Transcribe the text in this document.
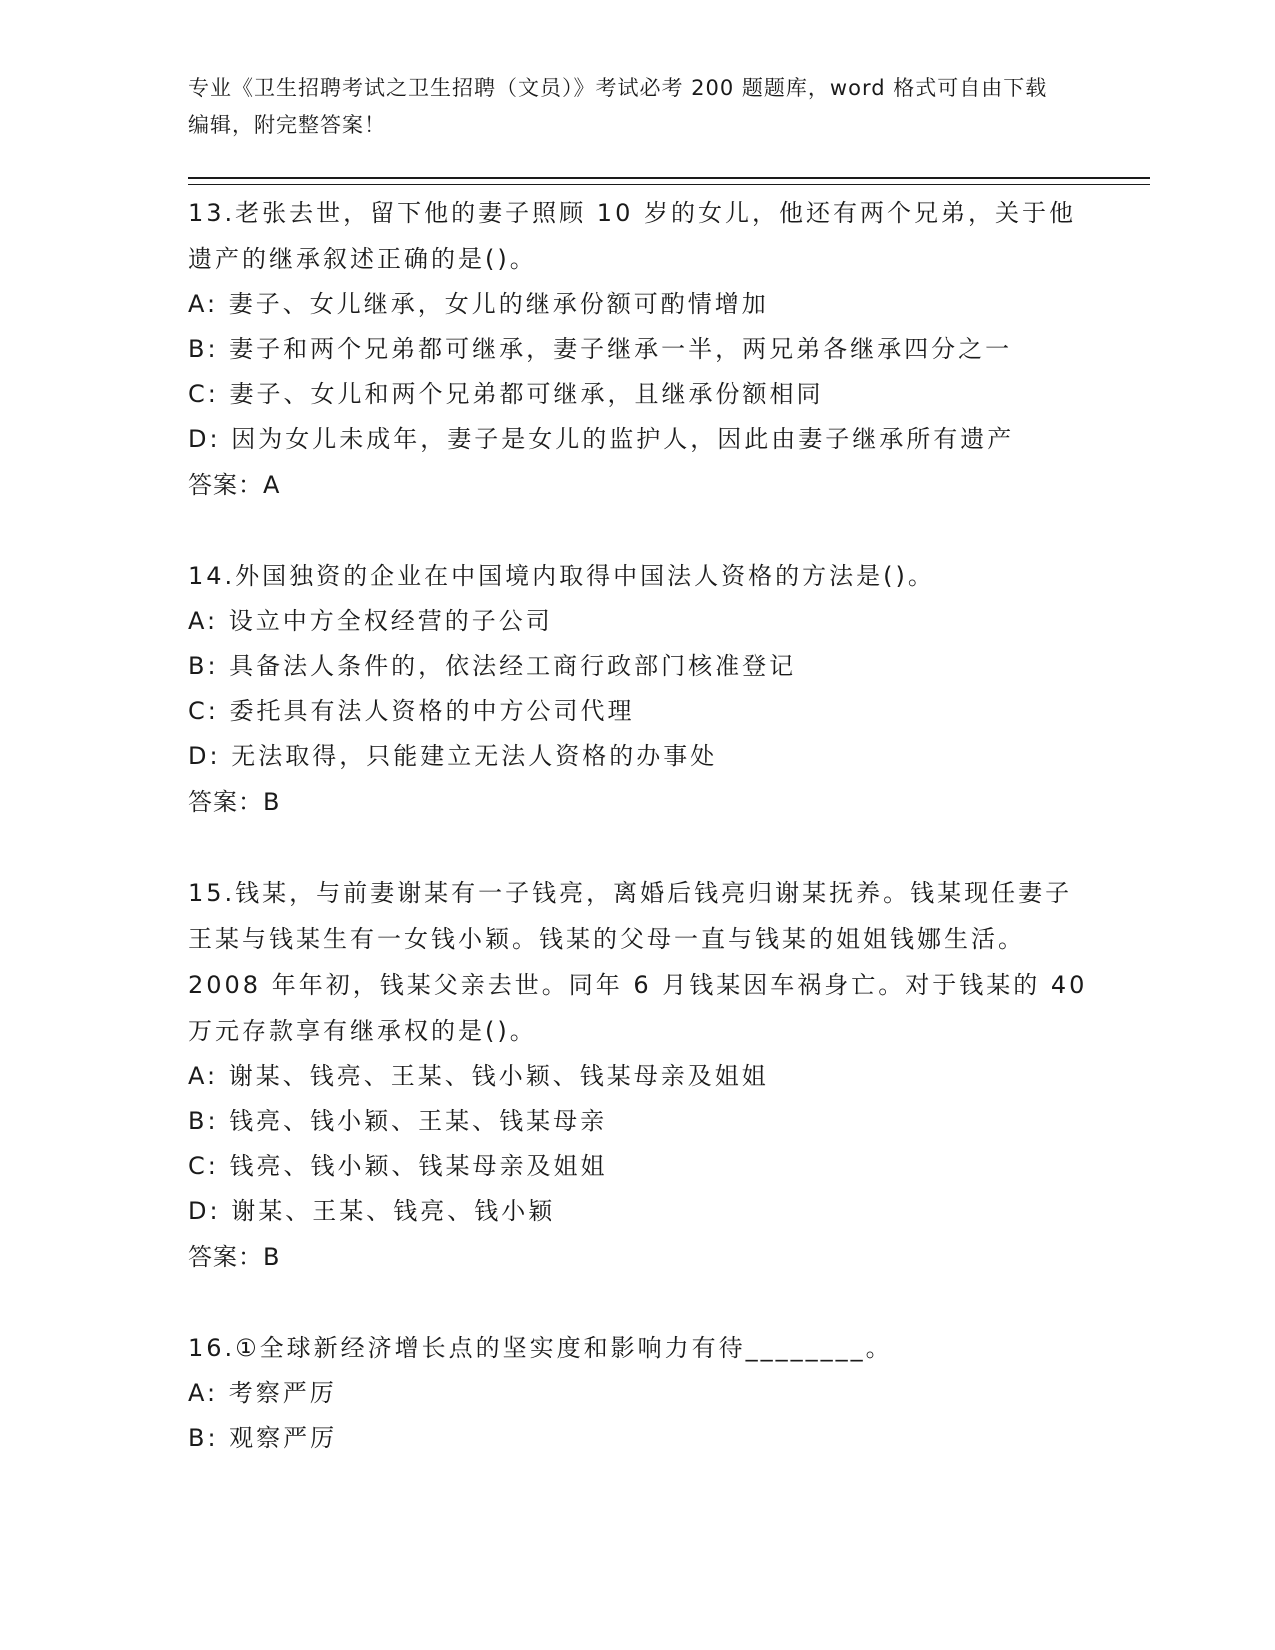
专业《卫生招聘考试之卫生招聘（文员）》考试必考 200 题题库，word 格式可自由下载编辑，附完整答案！

13.老张去世，留下他的妻子照顾 10 岁的女儿，他还有两个兄弟，关于他遗产的继承叙述正确的是()。

A: 妻子、女儿继承，女儿的继承份额可酌情增加

B: 妻子和两个兄弟都可继承，妻子继承一半，两兄弟各继承四分之一

C: 妻子、女儿和两个兄弟都可继承，且继承份额相同

D: 因为女儿未成年，妻子是女儿的监护人，因此由妻子继承所有遗产

答案：A

14.外国独资的企业在中国境内取得中国法人资格的方法是()。

A: 设立中方全权经营的子公司

B: 具备法人条件的，依法经工商行政部门核准登记

C: 委托具有法人资格的中方公司代理

D: 无法取得，只能建立无法人资格的办事处

答案：B

15.钱某，与前妻谢某有一子钱亮，离婚后钱亮归谢某抚养。钱某现任妻子王某与钱某生有一女钱小颖。钱某的父母一直与钱某的姐姐钱娜生活。2008 年年初，钱某父亲去世。同年 6 月钱某因车祸身亡。对于钱某的 40 万元存款享有继承权的是()。

A: 谢某、钱亮、王某、钱小颖、钱某母亲及姐姐

B: 钱亮、钱小颖、王某、钱某母亲

C: 钱亮、钱小颖、钱某母亲及姐姐

D: 谢某、王某、钱亮、钱小颖

答案：B

16.①全球新经济增长点的坚实度和影响力有待________。

A: 考察严厉

B: 观察严厉
